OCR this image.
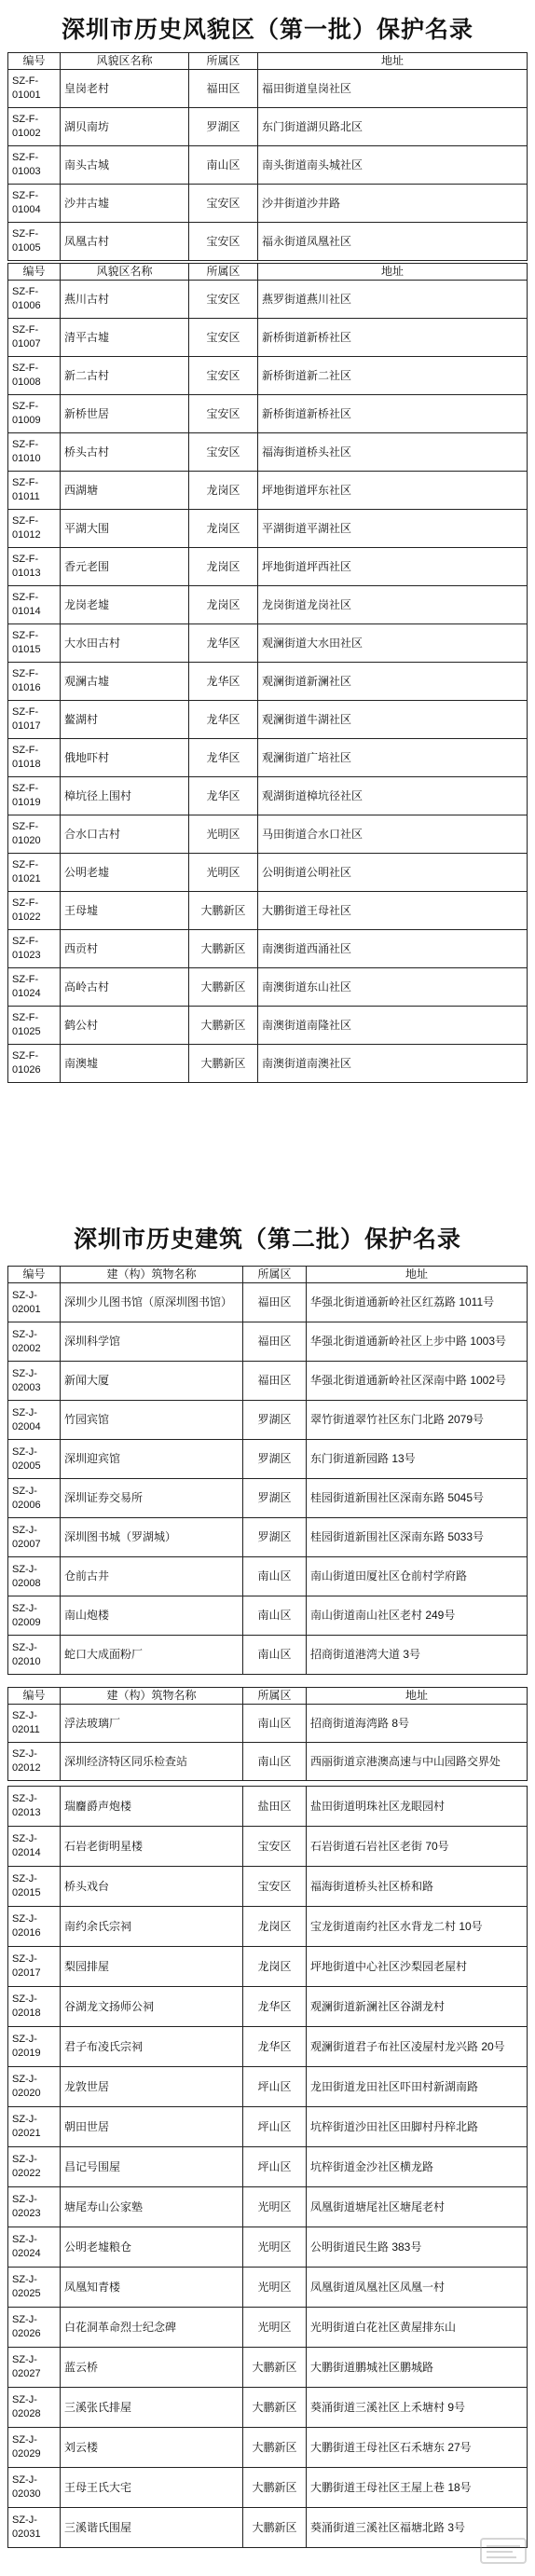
深圳市历史风貌区（第一批）保护名录
编号	风貌区名称	所属区	地址
SZ-F-01001	皇岗老村	福田区	福田街道皇岗社区
SZ-F-01002	湖贝南坊	罗湖区	东门街道湖贝路北区
SZ-F-01003	南头古城	南山区	南头街道南头城社区
SZ-F-01004	沙井古墟	宝安区	沙井街道沙井路
SZ-F-01005	凤凰古村	宝安区	福永街道凤凰社区
编号	风貌区名称	所属区	地址
SZ-F-01006	燕川古村	宝安区	燕罗街道燕川社区
SZ-F-01007	清平古墟	宝安区	新桥街道新桥社区
SZ-F-01008	新二古村	宝安区	新桥街道新二社区
SZ-F-01009	新桥世居	宝安区	新桥街道新桥社区
SZ-F-01010	桥头古村	宝安区	福海街道桥头社区
SZ-F-01011	西湖塘	龙岗区	坪地街道坪东社区
SZ-F-01012	平湖大围	龙岗区	平湖街道平湖社区
SZ-F-01013	香元老围	龙岗区	坪地街道坪西社区
SZ-F-01014	龙岗老墟	龙岗区	龙岗街道龙岗社区
SZ-F-01015	大水田古村	龙华区	观澜街道大水田社区
SZ-F-01016	观澜古墟	龙华区	观澜街道新澜社区
SZ-F-01017	鳌湖村	龙华区	观澜街道牛湖社区
SZ-F-01018	俄地吓村	龙华区	观澜街道广培社区
SZ-F-01019	樟坑径上围村	龙华区	观湖街道樟坑径社区
SZ-F-01020	合水口古村	光明区	马田街道合水口社区
SZ-F-01021	公明老墟	光明区	公明街道公明社区
SZ-F-01022	王母墟	大鹏新区	大鹏街道王母社区
SZ-F-01023	西贡村	大鹏新区	南澳街道西涌社区
SZ-F-01024	高岭古村	大鹏新区	南澳街道东山社区
SZ-F-01025	鹤公村	大鹏新区	南澳街道南隆社区
SZ-F-01026	南澳墟	大鹏新区	南澳街道南澳社区
深圳市历史建筑（第二批）保护名录
编号	建（构）筑物名称	所属区	地址
SZ-J-02001	深圳少儿图书馆（原深圳图书馆）	福田区	华强北街道通新岭社区红荔路 1011号
SZ-J-02002	深圳科学馆	福田区	华强北街道通新岭社区上步中路 1003号
SZ-J-02003	新闻大厦	福田区	华强北街道通新岭社区深南中路 1002号
SZ-J-02004	竹园宾馆	罗湖区	翠竹街道翠竹社区东门北路 2079号
SZ-J-02005	深圳迎宾馆	罗湖区	东门街道新园路 13号
SZ-J-02006	深圳证券交易所	罗湖区	桂园街道新围社区深南东路 5045号
SZ-J-02007	深圳图书城（罗湖城）	罗湖区	桂园街道新围社区深南东路 5033号
SZ-J-02008	仓前古井	南山区	南山街道田厦社区仓前村学府路
SZ-J-02009	南山炮楼	南山区	南山街道南山社区老村 249号
SZ-J-02010	蛇口大成面粉厂	南山区	招商街道港湾大道 3号
编号	建（构）筑物名称	所属区	地址
SZ-J-02011	浮法玻璃厂	南山区	招商街道海湾路 8号
SZ-J-02012	深圳经济特区同乐检查站	南山区	西丽街道京港澳高速与中山园路交界处
SZ-J-02013	瑞麕爵声炮楼	盐田区	盐田街道明珠社区龙眼园村
SZ-J-02014	石岩老街明星楼	宝安区	石岩街道石岩社区老街 70号
SZ-J-02015	桥头戏台	宝安区	福海街道桥头社区桥和路
SZ-J-02016	南约余氏宗祠	龙岗区	宝龙街道南约社区水背龙二村 10号
SZ-J-02017	梨园排屋	龙岗区	坪地街道中心社区沙梨园老屋村
SZ-J-02018	谷湖龙文扬师公祠	龙华区	观澜街道新澜社区谷湖龙村
SZ-J-02019	君子布凌氏宗祠	龙华区	观澜街道君子布社区凌屋村龙兴路 20号
SZ-J-02020	龙敦世居	坪山区	龙田街道龙田社区吓田村新湖南路
SZ-J-02021	朝田世居	坪山区	坑梓街道沙田社区田脚村丹梓北路
SZ-J-02022	昌记号围屋	坪山区	坑梓街道金沙社区横龙路
SZ-J-02023	塘尾寿山公家塾	光明区	凤凰街道塘尾社区塘尾老村
SZ-J-02024	公明老墟粮仓	光明区	公明街道民生路 383号
SZ-J-02025	凤凰知青楼	光明区	凤凰街道凤凰社区凤凰一村
SZ-J-02026	白花洞革命烈士纪念碑	光明区	光明街道白花社区黄屋排东山
SZ-J-02027	蓝云桥	大鹏新区	大鹏街道鹏城社区鹏城路
SZ-J-02028	三溪张氏排屋	大鹏新区	葵涌街道三溪社区上禾塘村 9号
SZ-J-02029	刘云楼	大鹏新区	大鹏街道王母社区石禾塘东 27号
SZ-J-02030	王母王氏大宅	大鹏新区	大鹏街道王母社区王屋上巷 18号
SZ-J-02031	三溪谐氏围屋	大鹏新区	葵涌街道三溪社区福塘北路 3号
